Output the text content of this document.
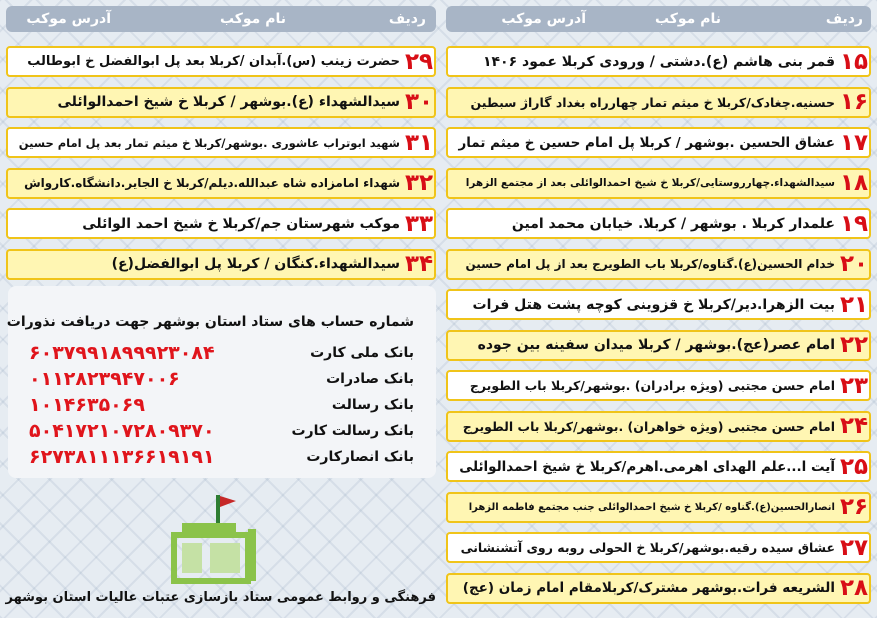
ردیف
نام موکب
آدرس موکب
ردیف
نام موکب
آدرس موکب
۱۵
قمر بنی هاشم (ع).دشتی / ورودی کربلا عمود ۱۴۰۶
۱۶
حسنیه.چغادک/کربلا خ میثم تمار چهارراه بغداد گاراژ سبطین
۱۷
عشاق الحسین .بوشهر / کربلا پل امام حسین خ میثم تمار
۱۸
سیدالشهداء.چهارروستایی/کربلا خ شیخ احمدالوائلی بعد از مجتمع الزهرا
۱۹
علمدار کربلا . بوشهر / کربلا. خیابان محمد امین
۲۰
خدام الحسین(ع).گناوه/کربلا باب الطویرج بعد از پل امام حسین
۲۱
بیت الزهرا.دیر/کربلا خ قزوینی کوچه پشت هتل فرات
۲۲
امام عصر(عج).بوشهر / کربلا میدان سفینه بین جوده
۲۳
امام حسن مجتبی (ویژه برادران) .بوشهر/کربلا باب الطویرج
۲۴
امام حسن مجتبی (ویژه خواهران) .بوشهر/کربلا باب الطویرج
۲۵
آیت ا...علم الهدای اهرمی.اهرم/کربلا خ شیخ احمدالوائلی
۲۶
انصارالحسین(ع).گناوه /کربلا خ شیخ احمدالوائلی جنب مجتمع فاطمه الزهرا
۲۷
عشاق سیده رقیه.بوشهر/کربلا خ الحولی روبه روی آتشنشانی
۲۸
الشریعه فرات.بوشهر مشترک/کربلامقام امام زمان (عج)
۲۹
حضرت زینب (س).آبدان /کربلا بعد پل ابوالفضل خ ابوطالب
۳۰
سیدالشهداء (ع).بوشهر / کربلا خ شیخ احمدالوائلی
۳۱
شهید ابوتراب عاشوری .بوشهر/کربلا خ میثم تمار بعد پل امام حسین
۳۲
شهداء امامزاده شاه عبدالله.دیلم/کربلا خ الجایر.دانشگاه.کارواش
۳۳
موکب شهرستان جم/کربلا خ شیخ احمد الوائلی
۳۴
سیدالشهداء.کنگان / کربلا پل ابوالفضل(ع)
شماره حساب های ستاد استان بوشهر جهت دریافت نذورات
بانک ملی کارت
۶۰۳۷۹۹۱۸۹۹۹۲۳۰۸۴
بانک صادرات
۰۱۱۲۸۲۳۹۴۷۰۰۶
بانک رسالت
۱۰۱۴۶۳۵۰۶۹
بانک رسالت کارت
۵۰۴۱۷۲۱۰۷۲۸۰۹۳۷۰
بانک انصارکارت
۶۲۷۳۸۱۱۱۳۶۶۱۹۱۹۱
فرهنگی و روابط عمومی ستاد بازسازی عتبات عالیات استان بوشهر
